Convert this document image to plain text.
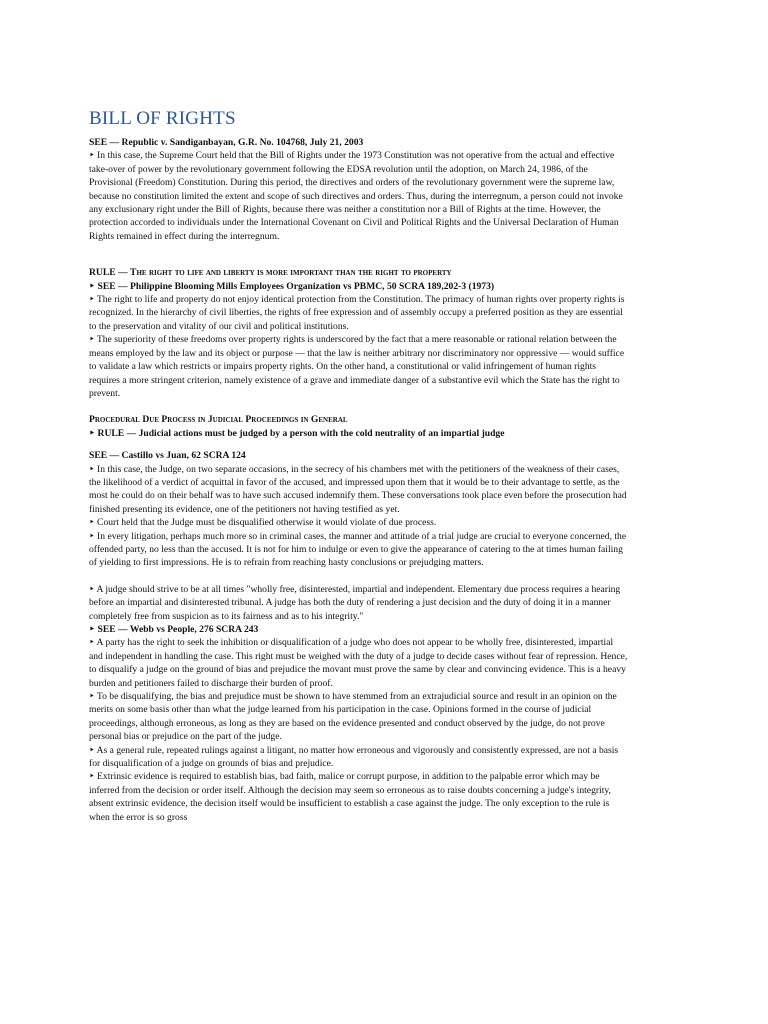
BILL OF RIGHTS

SEE — Republic v. Sandiganbayan, G.R. No. 104768, July 21, 2003

‣ In this case, the Supreme Court held that the Bill of Rights under the 1973 Constitution was not operative from the actual and effective take-over of power by the revolutionary government following the EDSA revolution until the adoption, on March 24, 1986, of the Provisional (Freedom) Constitution. During this period, the directives and orders of the revolutionary government were the supreme law, because no constitution limited the extent and scope of such directives and orders. Thus, during the interregnum, a person could not invoke any exclusionary right under the Bill of Rights, because there was neither a constitution nor a Bill of Rights at the time. However, the protection accorded to individuals under the International Covenant on Civil and Political Rights and the Universal Declaration of Human Rights remained in effect during the interregnum.

RULE — The right to life and liberty is more important than the right to property

‣ SEE — Philippine Blooming Mills Employees Organization vs PBMC, 50 SCRA 189,202-3 (1973)

‣ The right to life and property do not enjoy identical protection from the Constitution. The primacy of human rights over property rights is recognized. In the hierarchy of civil liberties, the rights of free expression and of assembly occupy a preferred position as they are essential to the preservation and vitality of our civil and political institutions.

‣ The superiority of these freedoms over property rights is underscored by the fact that a mere reasonable or rational relation between the means employed by the law and its object or purpose — that the law is neither arbitrary nor discriminatory nor oppressive — would suffice to validate a law which restricts or impairs property rights. On the other hand, a constitutional or valid infringement of human rights requires a more stringent criterion, namely existence of a grave and immediate danger of a substantive evil which the State has the right to prevent.

Procedural Due Process in Judicial Proceedings in General

‣ RULE — Judicial actions must be judged by a person with the cold neutrality of an impartial judge

SEE — Castillo vs Juan, 62 SCRA 124

‣ In this case, the Judge, on two separate occasions, in the secrecy of his chambers met with the petitioners of the weakness of their cases, the likelihood of a verdict of acquittal in favor of the accused, and impressed upon them that it would be to their advantage to settle, as the most he could do on their behalf was to have such accused indemnify them. These conversations took place even before the prosecution had finished presenting its evidence, one of the petitioners not having testified as yet.

‣ Court held that the Judge must be disqualified otherwise it would violate of due process.

‣ In every litigation, perhaps much more so in criminal cases, the manner and attitude of a trial judge are crucial to everyone concerned, the offended party, no less than the accused. It is not for him to indulge or even to give the appearance of catering to the at times human failing of yielding to first impressions. He is to refrain from reaching hasty conclusions or prejudging matters.

‣ A judge should strive to be at all times "wholly free, disinterested, impartial and independent. Elementary due process requires a hearing before an impartial and disinterested tribunal. A judge has both the duty of rendering a just decision and the duty of doing it in a manner completely free from suspicion as to its fairness and as to his integrity."

‣ SEE — Webb vs People, 276 SCRA 243

‣ A party has the right to seek the inhibition or disqualification of a judge who does not appear to be wholly free, disinterested, impartial and independent in handling the case. This right must be weighed with the duty of a judge to decide cases without fear of repression. Hence, to disqualify a judge on the ground of bias and prejudice the movant must prove the same by clear and convincing evidence. This is a heavy burden and petitioners failed to discharge their burden of proof.

‣ To be disqualifying, the bias and prejudice must be shown to have stemmed from an extrajudicial source and result in an opinion on the merits on some basis other than what the judge learned from his participation in the case. Opinions formed in the course of judicial proceedings, although erroneous, as long as they are based on the evidence presented and conduct observed by the judge, do not prove personal bias or prejudice on the part of the judge.

‣ As a general rule, repeated rulings against a litigant, no matter how erroneous and vigorously and consistently expressed, are not a basis for disqualification of a judge on grounds of bias and prejudice.

‣ Extrinsic evidence is required to establish bias, bad faith, malice or corrupt purpose, in addition to the palpable error which may be inferred from the decision or order itself. Although the decision may seem so erroneous as to raise doubts concerning a judge's integrity, absent extrinsic evidence, the decision itself would be insufficient to establish a case against the judge. The only exception to the rule is when the error is so gross
